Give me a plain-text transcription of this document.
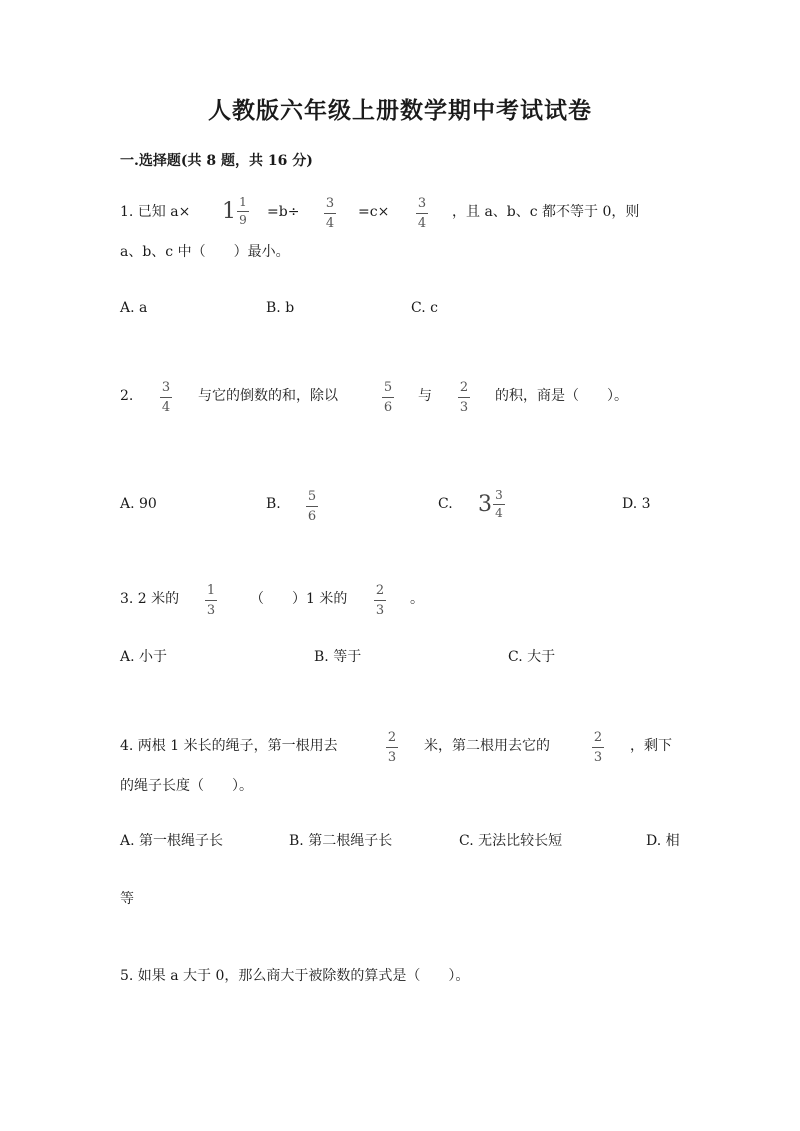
人教版六年级上册数学期中考试试卷
一.选择题(共 8 题，共 16 分)
1. 已知 $a\times 1 \frac{1}{9} =b\div$
3
4
=c×
3
4
，且 a、b、c 都不等于 0，则
a、b、c 中（　　）最小。
A. a	B. b	C. c
2.
3
4
与它的倒数的和，除以
5
6
与
2
3
的积，商是（　　）。
A. 90	B. 5
6
C. $3 \frac{3}{4}$	D. 3
3. 2 米的
1
3
（　　）1 米的
2
3
。
A. 小于	B. 等于	C. 大于
4. 两根 1 米长的绳子，第一根用去
2
3
米，第二根用去它的
2
3
，剩下
的绳子长度（　　）。
A. 第一根绳子长	B. 第二根绳子长	C. 无法比较长短	D. 相
等
5. 如果 a 大于 0，那么商大于被除数的算式是（　　）。
